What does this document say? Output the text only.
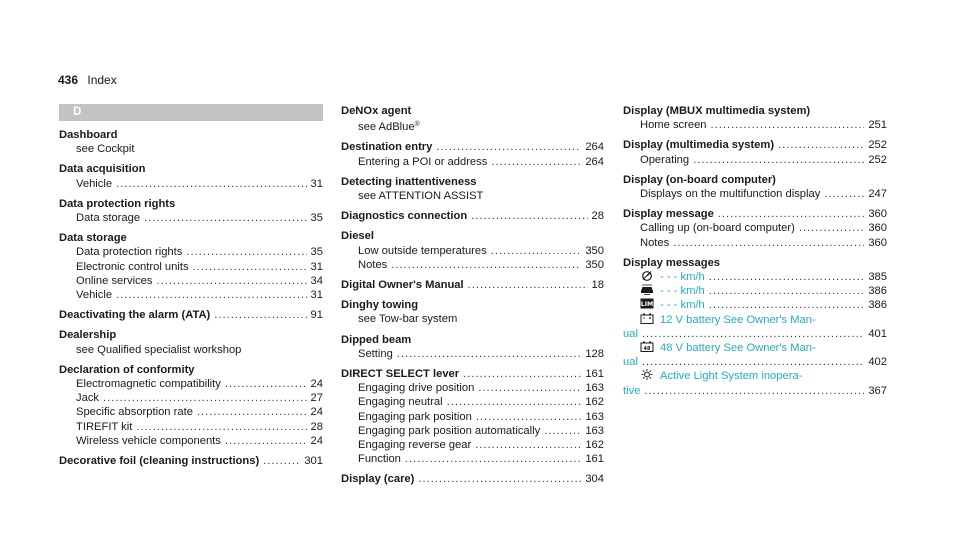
436 Index
D
Dashboard
see Cockpit
Data acquisition
Vehicle .....	31
Data protection rights
Data storage .....	35
Data storage
Data protection rights .....	35
Electronic control units .....	31
Online services .....	34
Vehicle .....	31
Deactivating the alarm (ATA) .....	91
Dealership
see Qualified specialist workshop
Declaration of conformity
Electromagnetic compatibility .....	24
Jack .....	27
Specific absorption rate .....	24
TIREFIT kit .....	28
Wireless vehicle components .....	24
Decorative foil (cleaning instructions) .....	301
DeNOx agent
see AdBlue®
Destination entry .....	264
Entering a POI or address .....	264
Detecting inattentiveness
see ATTENTION ASSIST
Diagnostics connection .....	28
Diesel
Low outside temperatures .....	350
Notes .....	350
Digital Owner's Manual .....	18
Dinghy towing
see Tow-bar system
Dipped beam
Setting .....	128
DIRECT SELECT lever .....	161
Engaging drive position .....	163
Engaging neutral .....	162
Engaging park position .....	163
Engaging park position automatically .....	163
Engaging reverse gear .....	162
Function .....	161
Display (care) .....	304
Display (MBUX multimedia system)
Home screen .....	251
Display (multimedia system) .....	252
Operating .....	252
Display (on-board computer)
Displays on the multifunction display .....	247
Display message .....	360
Calling up (on-board computer) .....	360
Notes .....	360
Display messages
- - - km/h .....	385
- - - km/h .....	386
LIM - - - km/h .....	386
12 V battery See Owner's Man-
ual .....	401
48 48 V battery See Owner's Man-
ual .....	402
Active Light System inopera-
tive .....	367
